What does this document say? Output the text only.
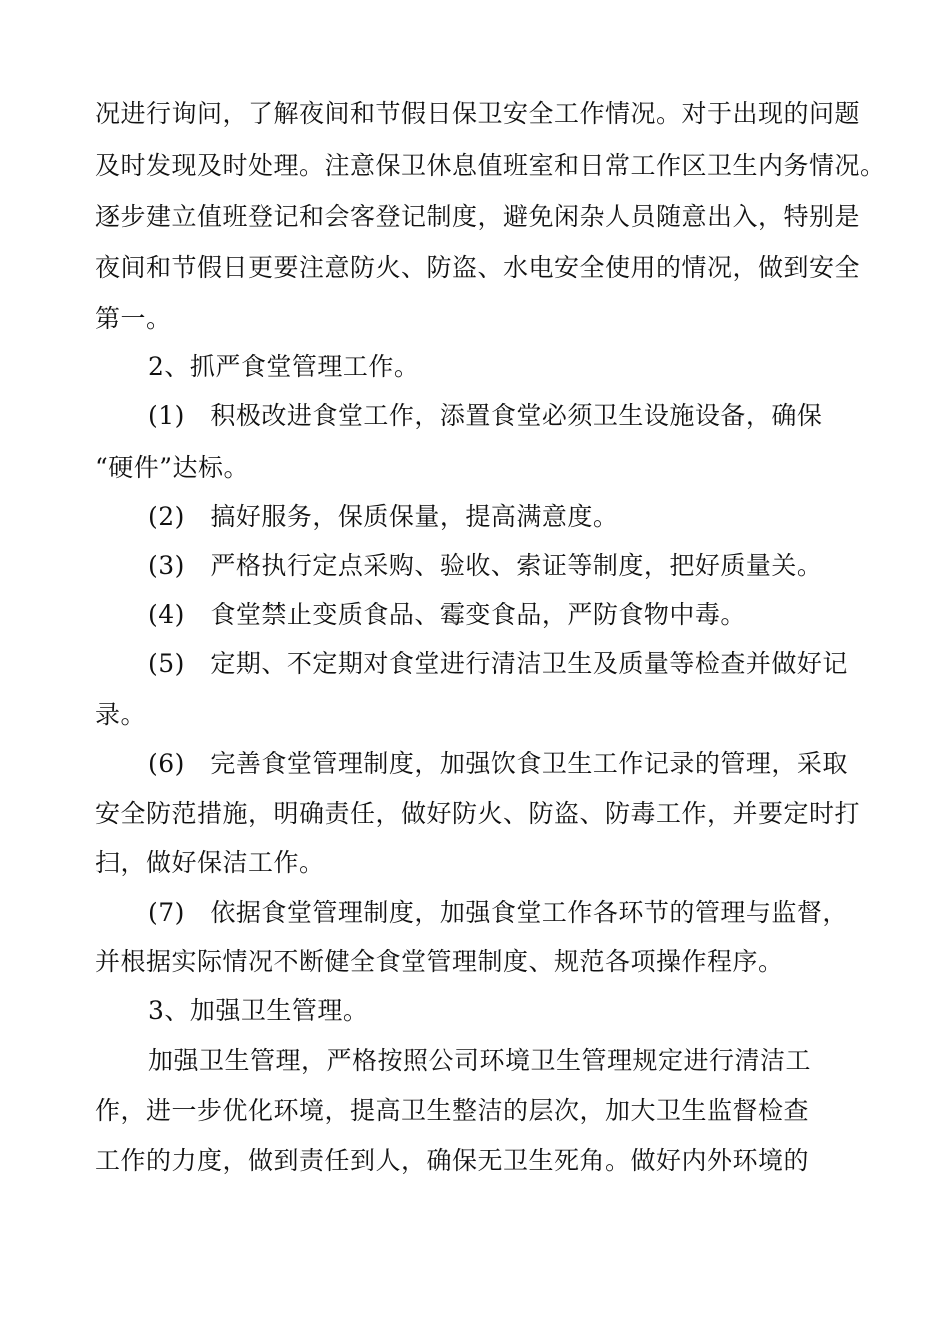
况进行询问，了解夜间和节假日保卫安全工作情况。对于出现的问题
及时发现及时处理。注意保卫休息值班室和日常工作区卫生内务情况。
逐步建立值班登记和会客登记制度，避免闲杂人员随意出入，特别是
夜间和节假日更要注意防火、防盗、水电安全使用的情况，做到安全
第一。
2、抓严食堂管理工作。
(1)　积极改进食堂工作，添置食堂必须卫生设施设备，确保
“硬件”达标。
(2)　搞好服务，保质保量，提高满意度。
(3)　严格执行定点采购、验收、索证等制度，把好质量关。
(4)　食堂禁止变质食品、霉变食品，严防食物中毒。
(5)　定期、不定期对食堂进行清洁卫生及质量等检查并做好记
录。
(6)　完善食堂管理制度，加强饮食卫生工作记录的管理，采取
安全防范措施，明确责任，做好防火、防盗、防毒工作，并要定时打
扫，做好保洁工作。
(7)　依据食堂管理制度，加强食堂工作各环节的管理与监督，
并根据实际情况不断健全食堂管理制度、规范各项操作程序。
3、加强卫生管理。
加强卫生管理，严格按照公司环境卫生管理规定进行清洁工
作，进一步优化环境，提高卫生整洁的层次，加大卫生监督检查
工作的力度，做到责任到人，确保无卫生死角。做好内外环境的
